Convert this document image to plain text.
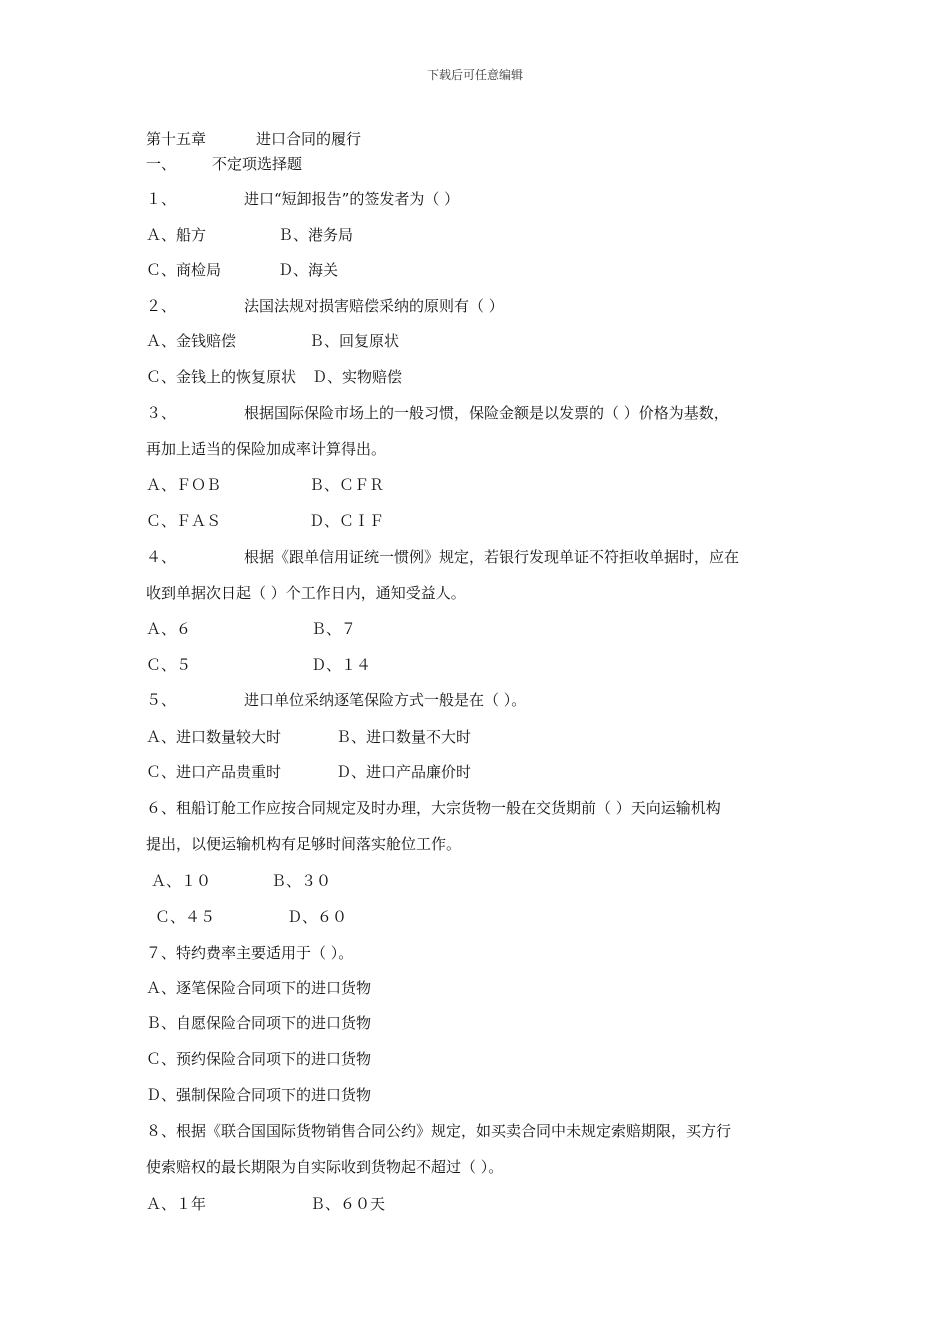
下载后可任意编辑
第十五章	进口合同的履行
一、 不定项选择题
１、	进口“短卸报告”的签发者为（ ）
Ａ、船方	Ｂ、港务局
Ｃ、商检局	Ｄ、海关
２、	法国法规对损害赔偿采纳的原则有（ ）
Ａ、金钱赔偿	Ｂ、回复原状
Ｃ、金钱上的恢复原状 Ｄ、实物赔偿
３、	根据国际保险市场上的一般习惯，保险金额是以发票的（ ）价格为基数，
再加上适当的保险加成率计算得出。
Ａ、ＦＯＢ	Ｂ、ＣＦＲ
Ｃ、ＦＡＳ	Ｄ、ＣＩＦ
４、	根据《跟单信用证统一惯例》规定，若银行发现单证不符拒收单据时，应在
收到单据次日起（ ）个工作日内，通知受益人。
Ａ、６	Ｂ、７
Ｃ、５	Ｄ、１４
５、	进口单位采纳逐笔保险方式一般是在（ ）。
Ａ、进口数量较大时	Ｂ、进口数量不大时
Ｃ、进口产品贵重时	Ｄ、进口产品廉价时
６、租船订舱工作应按合同规定及时办理，大宗货物一般在交货期前（ ）天向运输机构
提出，以便运输机构有足够时间落实舱位工作。
Ａ、１０	Ｂ、３０
Ｃ、４５	Ｄ、６０
７、特约费率主要适用于（ ）。
Ａ、逐笔保险合同项下的进口货物
Ｂ、自愿保险合同项下的进口货物
Ｃ、预约保险合同项下的进口货物
Ｄ、强制保险合同项下的进口货物
８、根据《联合国国际货物销售合同公约》规定，如买卖合同中未规定索赔期限，买方行
使索赔权的最长期限为自实际收到货物起不超过（ ）。
Ａ、１年	Ｂ、６０天
